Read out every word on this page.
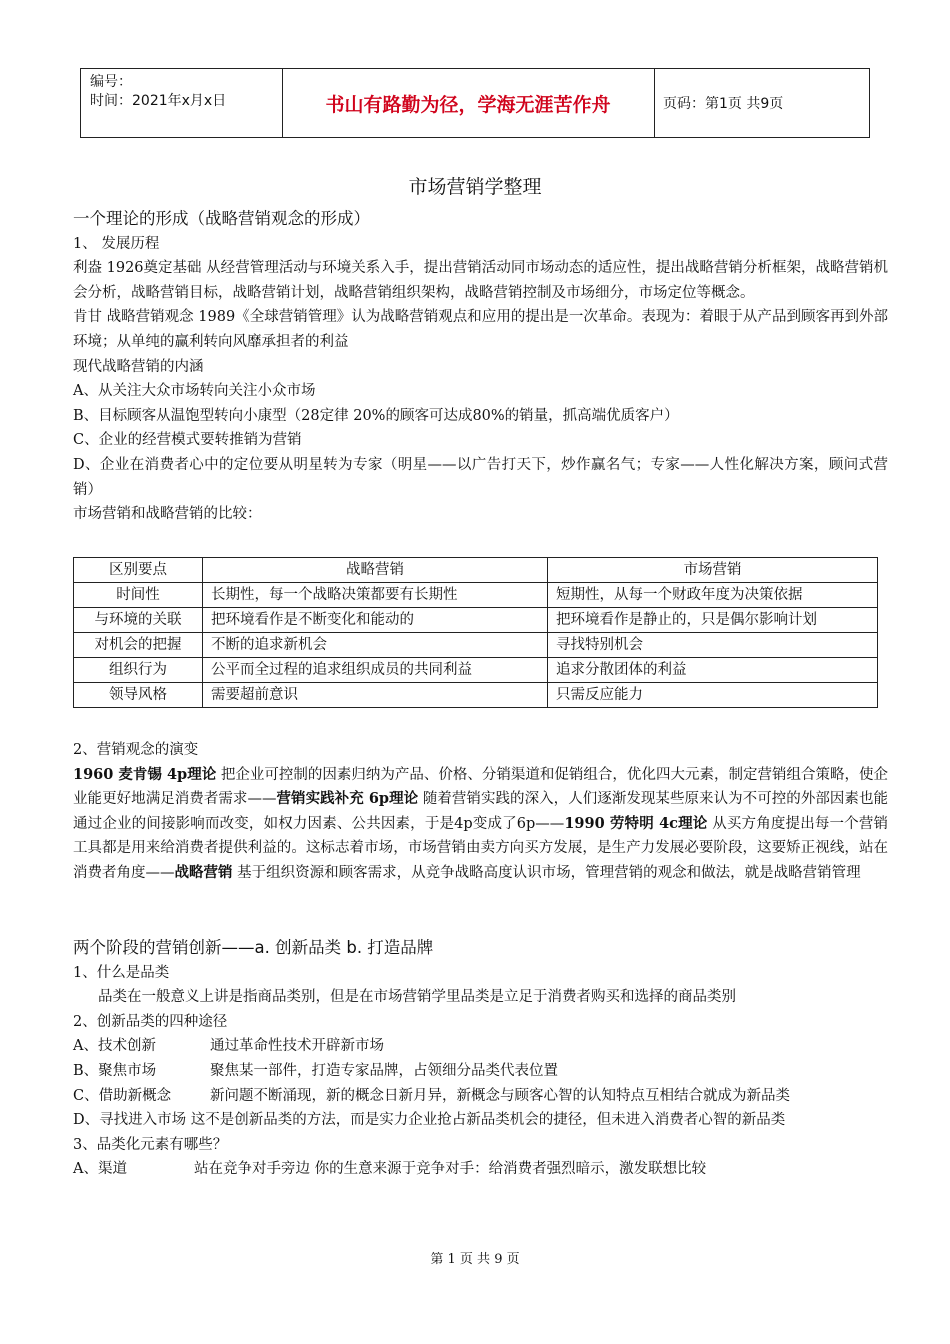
编号：
时间：2021年x月x日	书山有路勤为径，学海无涯苦作舟	页码：第1页 共9页
市场营销学整理

一个理论的形成（战略营销观念的形成）

1、 发展历程

利盎 1926奠定基础 从经营管理活动与环境关系入手，提出营销活动同市场动态的适应性，提出战略营销分析框架，战略营销机会分析，战略营销目标，战略营销计划，战略营销组织架构，战略营销控制及市场细分，市场定位等概念。

肯甘 战略营销观念 1989《全球营销管理》认为战略营销观点和应用的提出是一次革命。表现为：着眼于从产品到顾客再到外部环境；从单纯的赢利转向风靡承担者的利益

现代战略营销的内涵

A、从关注大众市场转向关注小众市场

B、目标顾客从温饱型转向小康型（28定律 20%的顾客可达成80%的销量，抓高端优质客户）

C、企业的经营模式要转推销为营销

D、企业在消费者心中的定位要从明星转为专家（明星——以广告打天下，炒作赢名气；专家——人性化解决方案，顾问式营销）

市场营销和战略营销的比较：

区别要点	战略营销	市场营销
时间性	长期性，每一个战略决策都要有长期性	短期性，从每一个财政年度为决策依据
与环境的关联	把环境看作是不断变化和能动的	把环境看作是静止的，只是偶尔影响计划
对机会的把握	不断的追求新机会	寻找特别机会
组织行为	公平而全过程的追求组织成员的共同利益	追求分散团体的利益
领导风格	需要超前意识	只需反应能力

2、营销观念的演变

1960 麦肯锡 4p理论 把企业可控制的因素归纳为产品、价格、分销渠道和促销组合，优化四大元素，制定营销组合策略，使企业能更好地满足消费者需求——营销实践补充 6p理论 随着营销实践的深入，人们逐渐发现某些原来认为不可控的外部因素也能通过企业的间接影响而改变，如权力因素、公共因素，于是4p变成了6p——1990 劳特明 4c理论 从买方角度提出每一个营销工具都是用来给消费者提供利益的。这标志着市场，市场营销由卖方向买方发展，是生产力发展必要阶段，这要矫正视线，站在消费者角度——战略营销 基于组织资源和顾客需求，从竞争战略高度认识市场，管理营销的观念和做法，就是战略营销管理

两个阶段的营销创新——a. 创新品类 b. 打造品牌

1、什么是品类

品类在一般意义上讲是指商品类别，但是在市场营销学里品类是立足于消费者购买和选择的商品类别

2、创新品类的四种途径

A、技术创新	通过革命性技术开辟新市场

B、聚焦市场	聚焦某一部件，打造专家品牌，占领细分品类代表位置

C、借助新概念	新问题不断涌现，新的概念日新月异，新概念与顾客心智的认知特点互相结合就成为新品类

D、寻找进入市场 这不是创新品类的方法，而是实力企业抢占新品类机会的捷径，但未进入消费者心智的新品类

3、品类化元素有哪些？

A、渠道	站在竞争对手旁边 你的生意来源于竞争对手：给消费者强烈暗示，激发联想比较

第 1 页 共 9 页
